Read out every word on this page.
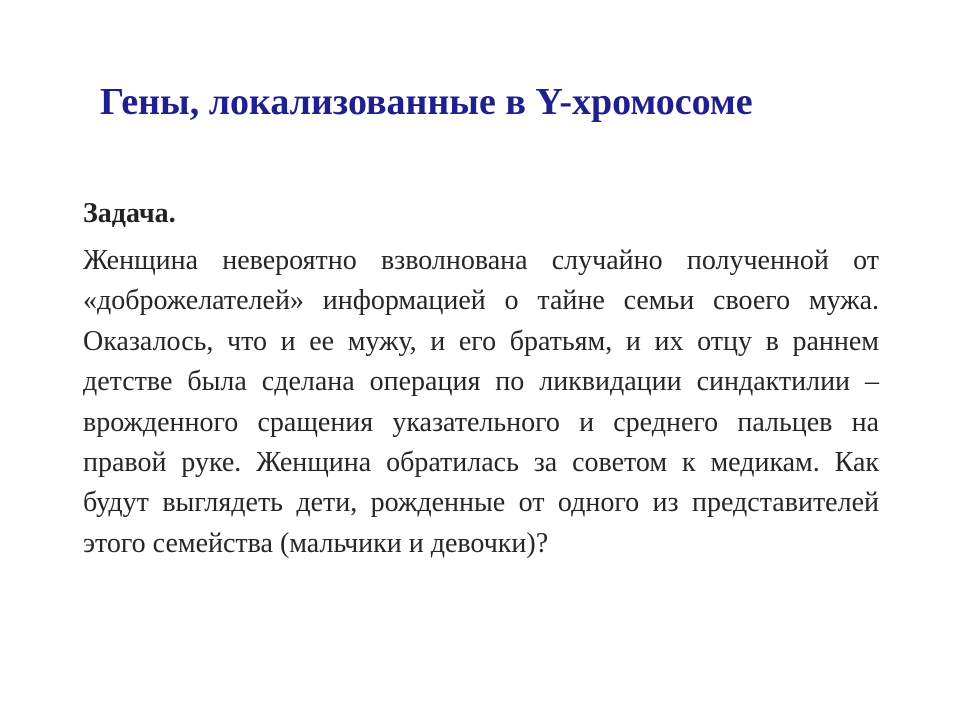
Гены, локализованные в Y-хромосоме

Задача.

Женщина невероятно взволнована случайно полученной от «доброжелателей» информацией о тайне семьи своего мужа. Оказалось, что и ее мужу, и его братьям, и их отцу в раннем детстве была сделана операция по ликвидации синдактилии – врожденного сращения указательного и среднего пальцев на правой руке. Женщина обратилась за советом к медикам. Как будут выглядеть дети, рожденные от одного из представителей этого семейства (мальчики и девочки)?
